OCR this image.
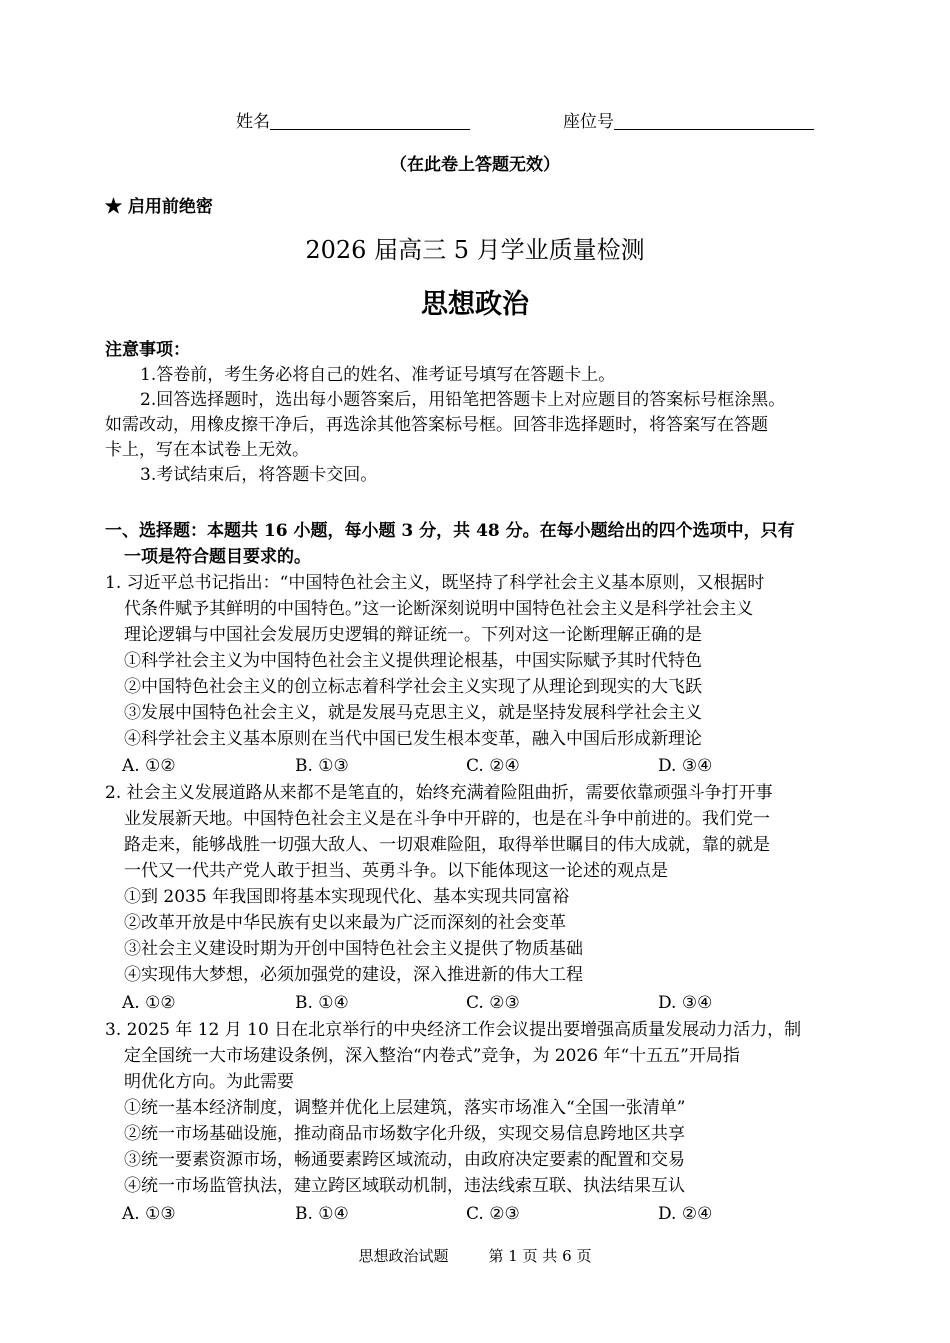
姓名	座位号
（在此卷上答题无效）
★ 启用前绝密
2026 届高三 5 月学业质量检测
思想政治
注意事项：
1.答卷前，考生务必将自己的姓名、准考证号填写在答题卡上。
2.回答选择题时，选出每小题答案后，用铅笔把答题卡上对应题目的答案标号框涂黑。
如需改动，用橡皮擦干净后，再选涂其他答案标号框。回答非选择题时，将答案写在答题
卡上，写在本试卷上无效。
3.考试结束后，将答题卡交回。
一、选择题：本题共 16 小题，每小题 3 分，共 48 分。在每小题给出的四个选项中，只有
一项是符合题目要求的。
1. 习近平总书记指出：“中国特色社会主义，既坚持了科学社会主义基本原则，又根据时
代条件赋予其鲜明的中国特色。”这一论断深刻说明中国特色社会主义是科学社会主义
理论逻辑与中国社会发展历史逻辑的辩证统一。下列对这一论断理解正确的是
①科学社会主义为中国特色社会主义提供理论根基，中国实际赋予其时代特色
②中国特色社会主义的创立标志着科学社会主义实现了从理论到现实的大飞跃
③发展中国特色社会主义，就是发展马克思主义，就是坚持发展科学社会主义
④科学社会主义基本原则在当代中国已发生根本变革，融入中国后形成新理论
A. ①②	B. ①③	C. ②④	D. ③④
2. 社会主义发展道路从来都不是笔直的，始终充满着险阻曲折，需要依靠顽强斗争打开事
业发展新天地。中国特色社会主义是在斗争中开辟的，也是在斗争中前进的。我们党一
路走来，能够战胜一切强大敌人、一切艰难险阻，取得举世瞩目的伟大成就，靠的就是
一代又一代共产党人敢于担当、英勇斗争。以下能体现这一论述的观点是
①到 2035 年我国即将基本实现现代化、基本实现共同富裕
②改革开放是中华民族有史以来最为广泛而深刻的社会变革
③社会主义建设时期为开创中国特色社会主义提供了物质基础
④实现伟大梦想，必须加强党的建设，深入推进新的伟大工程
A. ①②	B. ①④	C. ②③	D. ③④
3. 2025 年 12 月 10 日在北京举行的中央经济工作会议提出要增强高质量发展动力活力，制
定全国统一大市场建设条例，深入整治“内卷式”竞争，为 2026 年“十五五”开局指
明优化方向。为此需要
①统一基本经济制度，调整并优化上层建筑，落实市场准入“全国一张清单”
②统一市场基础设施，推动商品市场数字化升级，实现交易信息跨地区共享
③统一要素资源市场，畅通要素跨区域流动，由政府决定要素的配置和交易
④统一市场监管执法，建立跨区域联动机制，违法线索互联、执法结果互认
A. ①③	B. ①④	C. ②③	D. ②④
思想政治试题	第 1 页 共 6 页
